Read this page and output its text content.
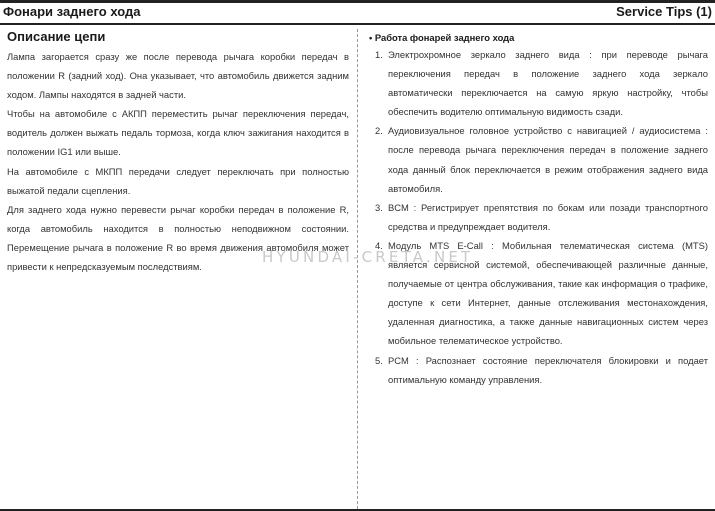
Фонари заднего хода	Service Tips (1)
Описание цепи

Лампа загорается сразу же после перевода рычага коробки передач в положении R (задний ход). Она указывает, что автомобиль движется задним ходом. Лампы находятся в задней части.

Чтобы на автомобиле с АКПП переместить рычаг переключения передач, водитель должен выжать педаль тормоза, когда ключ зажигания находится в положении IG1 или выше.

На автомобиле с МКПП передачи следует переключать при полностью выжатой педали сцепления.

Для заднего хода нужно перевести рычаг коробки передач в положение R, когда автомобиль находится в полностью неподвижном состоянии. Перемещение рычага в положение R во время движения автомобиля может привести к непредсказуемым последствиям.

• Работа фонарей заднего хода
1. Электрохромное зеркало заднего вида : при переводе рычага переключения передач в положение заднего хода зеркало автоматически переключается на самую яркую настройку, чтобы обеспечить водителю оптимальную видимость сзади.
2. Аудиовизуальное головное устройство с навигацией / аудиосистема : после перевода рычага переключения передач в положение заднего хода данный блок переключается в режим отображения заднего вида автомобиля.
3. BCM : Регистрирует препятствия по бокам или позади транспортного средства и предупреждает водителя.
4. Модуль MTS E-Call : Мобильная телематическая система (MTS) является сервисной системой, обеспечивающей различные данные, получаемые от центра обслуживания, такие как информация о трафике, доступе к сети Интернет, данные отслеживания местонахождения, удаленная диагностика, а также данные навигационных систем через мобильное телематическое устройство.
5. PCM : Распознает состояние переключателя блокировки и подает оптимальную команду управления.
HYUNDAI-CRETA.NET
